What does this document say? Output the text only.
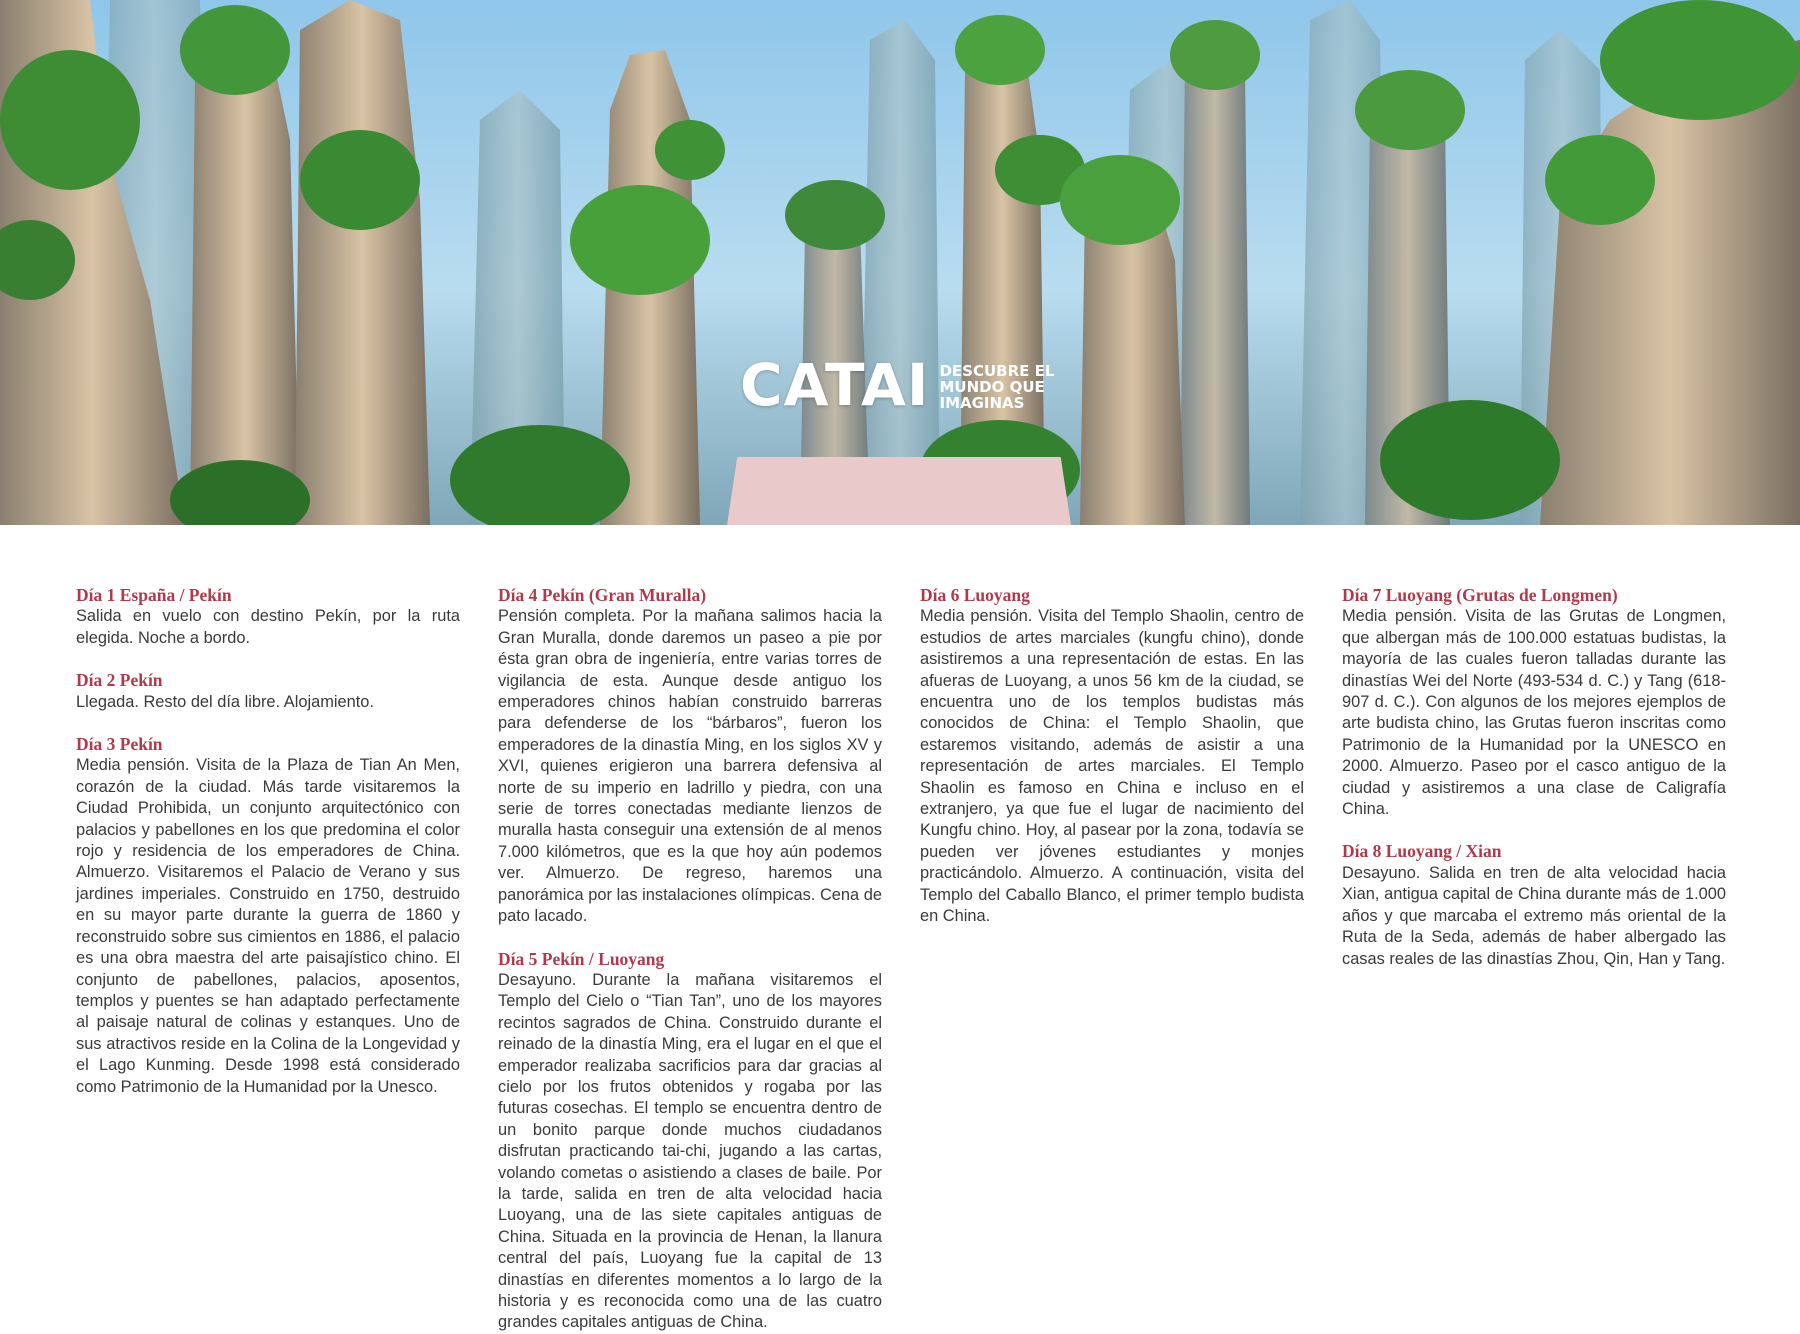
CATAI DESCUBRE EL MUNDO QUE IMAGINAS
Día 1 España / Pekín
Salida en vuelo con destino Pekín, por la ruta elegida. Noche a bordo.
Día 2 Pekín
Llegada. Resto del día libre. Alojamiento.
Día 3 Pekín
Media pensión. Visita de la Plaza de Tian An Men, corazón de la ciudad. Más tarde visitaremos la Ciudad Prohibida, un conjunto arquitectónico con palacios y pabellones en los que predomina el color rojo y residencia de los emperadores de China. Almuerzo. Visitaremos el Palacio de Verano y sus jardines imperiales. Construido en 1750, destruido en su mayor parte durante la guerra de 1860 y reconstruido sobre sus cimientos en 1886, el palacio es una obra maestra del arte paisajístico chino. El conjunto de pabellones, palacios, aposentos, templos y puentes se han adaptado perfectamente al paisaje natural de colinas y estanques. Uno de sus atractivos reside en la Colina de la Longevidad y el Lago Kunming. Desde 1998 está considerado como Patrimonio de la Humanidad por la Unesco.
Día 4 Pekín (Gran Muralla)
Pensión completa. Por la mañana salimos hacia la Gran Muralla, donde daremos un paseo a pie por ésta gran obra de ingeniería, entre varias torres de vigilancia de esta. Aunque desde antiguo los emperadores chinos habían construido barreras para defenderse de los “bárbaros”, fueron los emperadores de la dinastía Ming, en los siglos XV y XVI, quienes erigieron una barrera defensiva al norte de su imperio en ladrillo y piedra, con una serie de torres conectadas mediante lienzos de muralla hasta conseguir una extensión de al menos 7.000 kilómetros, que es la que hoy aún podemos ver. Almuerzo. De regreso, haremos una panorámica por las instalaciones olímpicas. Cena de pato lacado.
Día 5 Pekín / Luoyang
Desayuno. Durante la mañana visitaremos el Templo del Cielo o “Tian Tan”, uno de los mayores recintos sagrados de China. Construido durante el reinado de la dinastía Ming, era el lugar en el que el emperador realizaba sacrificios para dar gracias al cielo por los frutos obtenidos y rogaba por las futuras cosechas. El templo se encuentra dentro de un bonito parque donde muchos ciudadanos disfrutan practicando tai-chi, jugando a las cartas, volando cometas o asistiendo a clases de baile. Por la tarde, salida en tren de alta velocidad hacia Luoyang, una de las siete capitales antiguas de China. Situada en la provincia de Henan, la llanura central del país, Luoyang fue la capital de 13 dinastías en diferentes momentos a lo largo de la historia y es reconocida como una de las cuatro grandes capitales antiguas de China.
Día 6 Luoyang
Media pensión. Visita del Templo Shaolin, centro de estudios de artes marciales (kungfu chino), donde asistiremos a una representación de estas. En las afueras de Luoyang, a unos 56 km de la ciudad, se encuentra uno de los templos budistas más conocidos de China: el Templo Shaolin, que estaremos visitando, además de asistir a una representación de artes marciales. El Templo Shaolin es famoso en China e incluso en el extranjero, ya que fue el lugar de nacimiento del Kungfu chino. Hoy, al pasear por la zona, todavía se pueden ver jóvenes estudiantes y monjes practicándolo. Almuerzo. A continuación, visita del Templo del Caballo Blanco, el primer templo budista en China.
Día 7 Luoyang (Grutas de Longmen)
Media pensión. Visita de las Grutas de Longmen, que albergan más de 100.000 estatuas budistas, la mayoría de las cuales fueron talladas durante las dinastías Wei del Norte (493-534 d. C.) y Tang (618-907 d. C.). Con algunos de los mejores ejemplos de arte budista chino, las Grutas fueron inscritas como Patrimonio de la Humanidad por la UNESCO en 2000. Almuerzo. Paseo por el casco antiguo de la ciudad y asistiremos a una clase de Caligrafía China.
Día 8 Luoyang / Xian
Desayuno. Salida en tren de alta velocidad hacia Xian, antigua capital de China durante más de 1.000 años y que marcaba el extremo más oriental de la Ruta de la Seda, además de haber albergado las casas reales de las dinastías Zhou, Qin, Han y Tang.
